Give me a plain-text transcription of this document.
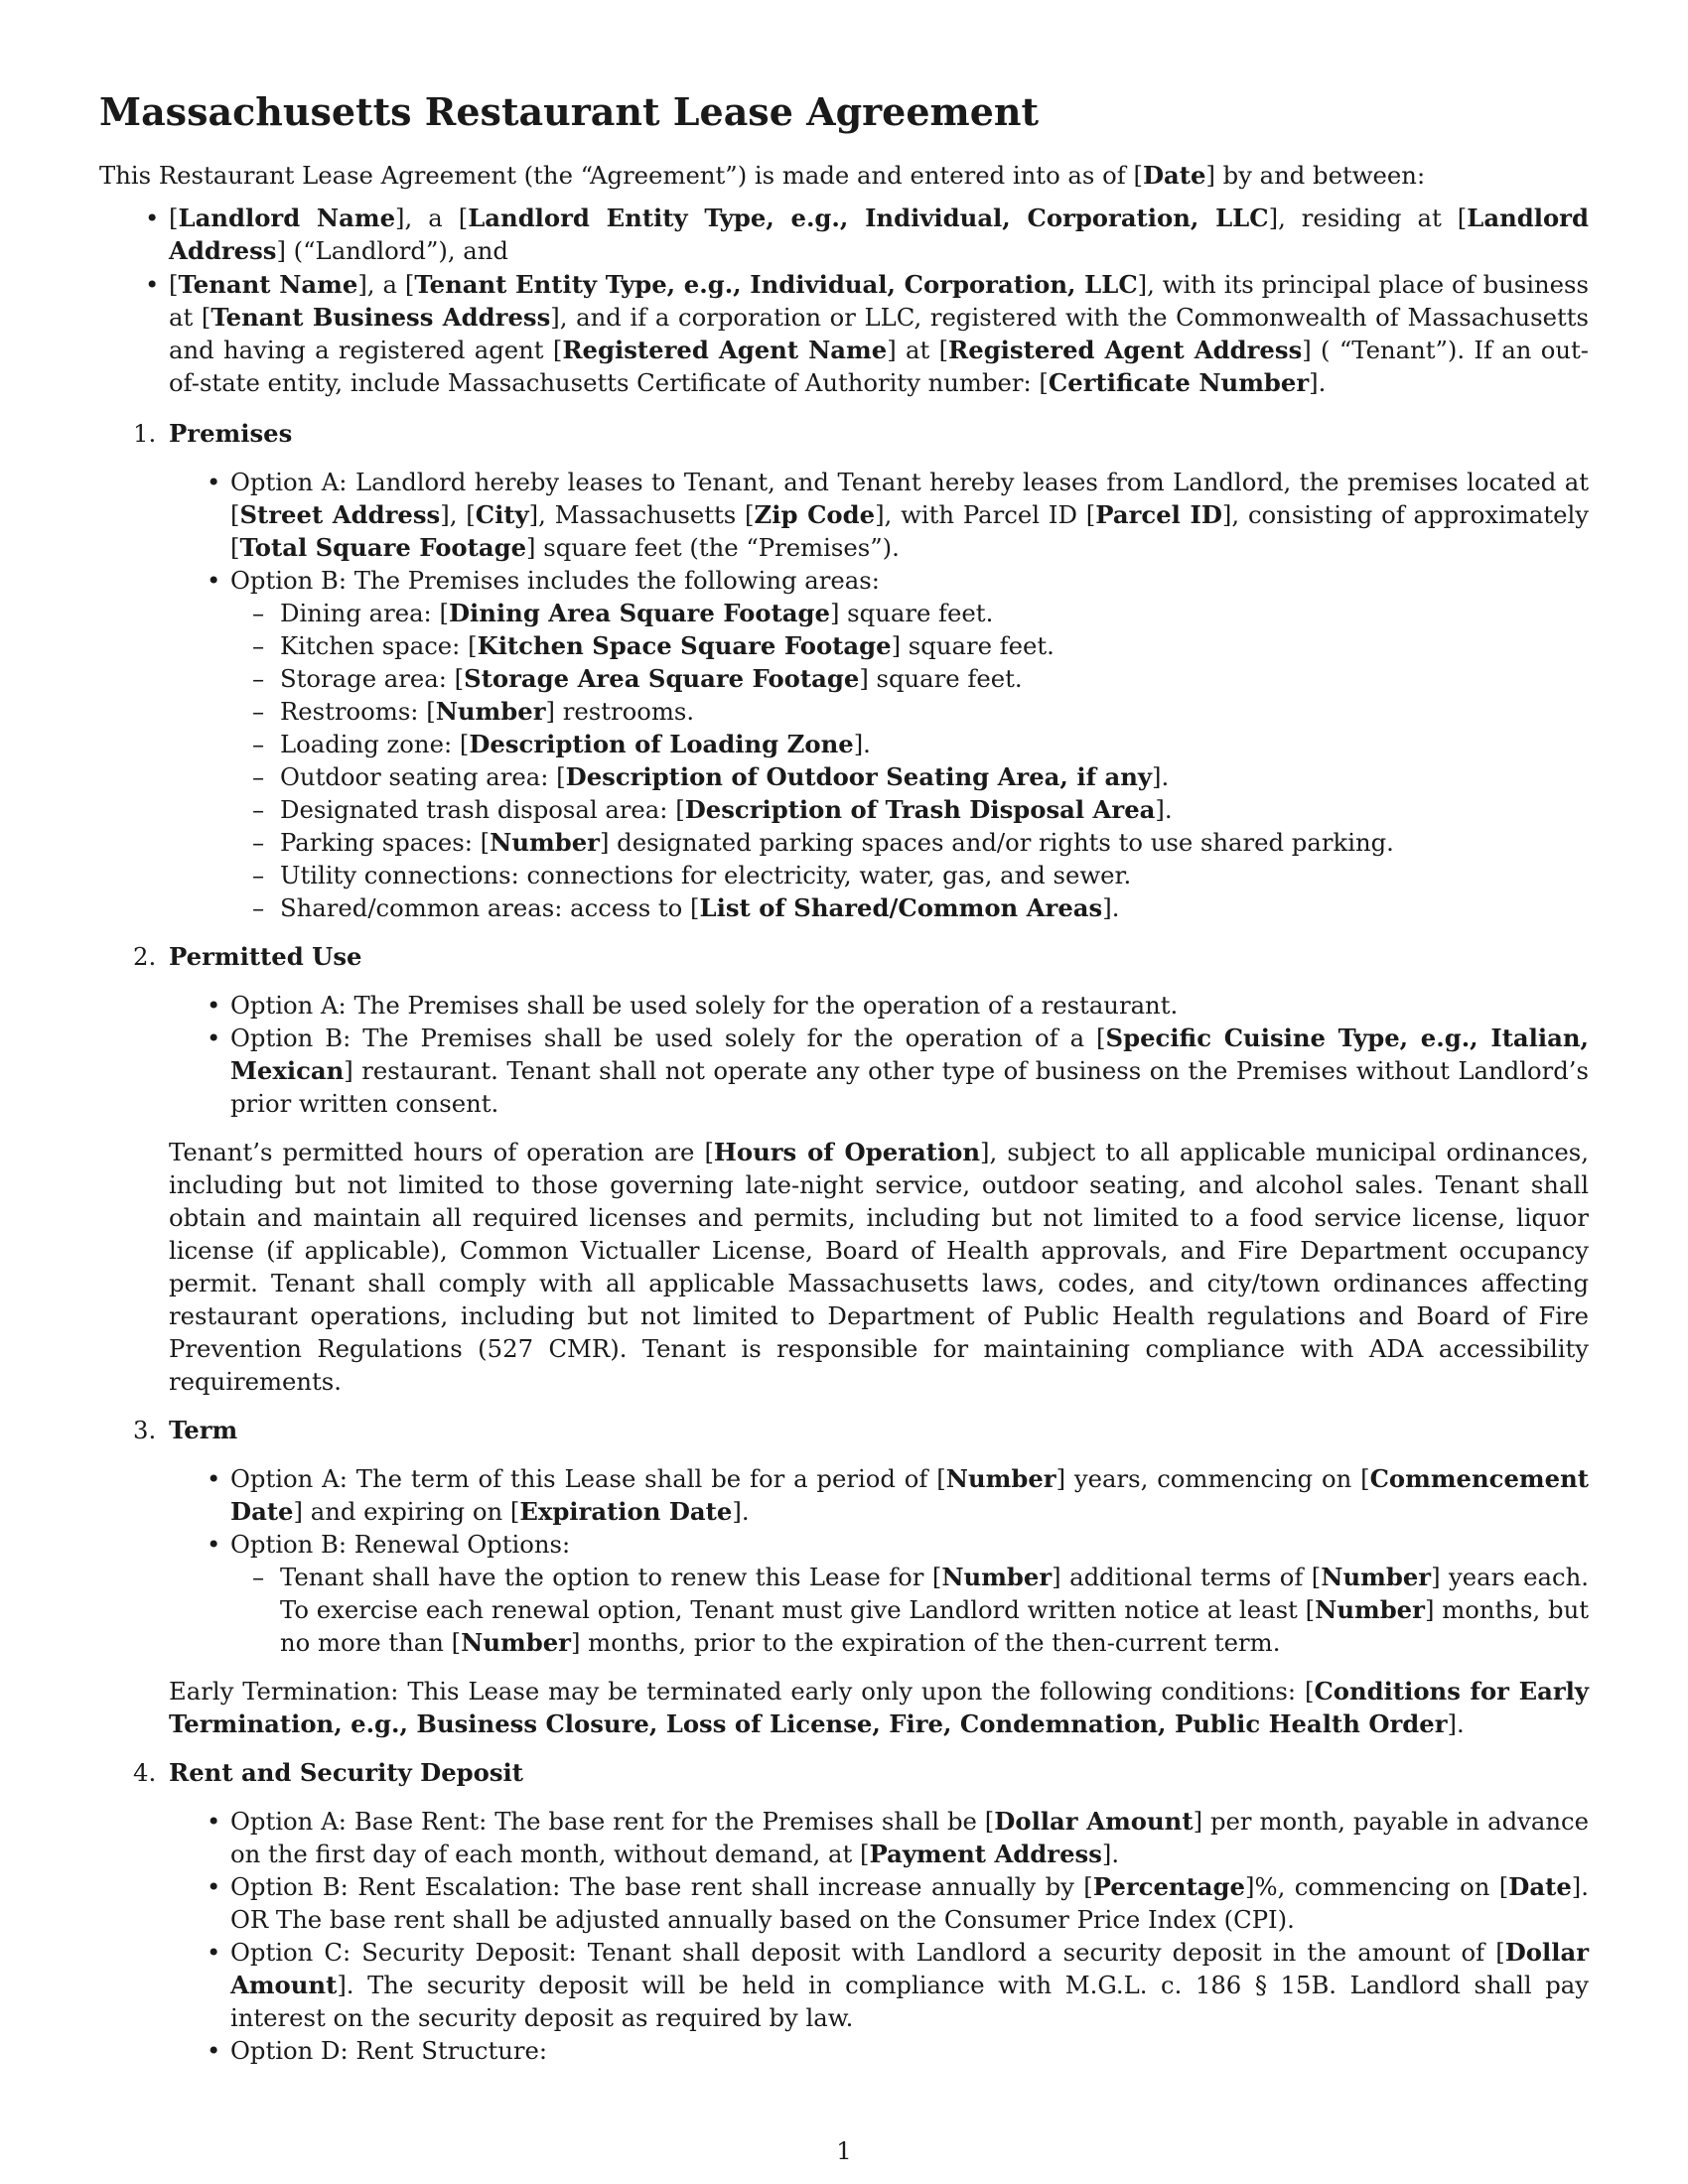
Massachusetts Restaurant Lease Agreement

This Restaurant Lease Agreement (the “Agreement”) is made and entered into as of [Date] by and between:

• [Landlord Name], a [Landlord Entity Type, e.g., Individual, Corporation, LLC], residing at [Landlord Address] (“Landlord”), and
• [Tenant Name], a [Tenant Entity Type, e.g., Individual, Corporation, LLC], with its principal place of business at [Tenant Business Address], and if a corporation or LLC, registered with the Commonwealth of Massachusetts and having a registered agent [Registered Agent Name] at [Registered Agent Address] ( “Tenant”). If an out-of-state entity, include Massachusetts Certificate of Authority number: [Certificate Number].
1. Premises
• Option A: Landlord hereby leases to Tenant, and Tenant hereby leases from Landlord, the premises located at [Street Address], [City], Massachusetts [Zip Code], with Parcel ID [Parcel ID], consisting of approximately [Total Square Footage] square feet (the “Premises”).
• Option B: The Premises includes the following areas:
– Dining area: [Dining Area Square Footage] square feet.
– Kitchen space: [Kitchen Space Square Footage] square feet.
– Storage area: [Storage Area Square Footage] square feet.
– Restrooms: [Number] restrooms.
– Loading zone: [Description of Loading Zone].
– Outdoor seating area: [Description of Outdoor Seating Area, if any].
– Designated trash disposal area: [Description of Trash Disposal Area].
– Parking spaces: [Number] designated parking spaces and/or rights to use shared parking.
– Utility connections: connections for electricity, water, gas, and sewer.
– Shared/common areas: access to [List of Shared/Common Areas].
2. Permitted Use
• Option A: The Premises shall be used solely for the operation of a restaurant.
• Option B: The Premises shall be used solely for the operation of a [Specific Cuisine Type, e.g., Italian, Mexican] restaurant. Tenant shall not operate any other type of business on the Premises without Landlord’s prior written consent.

Tenant’s permitted hours of operation are [Hours of Operation], subject to all applicable municipal ordinances, including but not limited to those governing late-night service, outdoor seating, and alcohol sales. Tenant shall obtain and maintain all required licenses and permits, including but not limited to a food service license, liquor license (if applicable), Common Victualler License, Board of Health approvals, and Fire Department occupancy permit. Tenant shall comply with all applicable Massachusetts laws, codes, and city/town ordinances affecting restaurant operations, including but not limited to Department of Public Health regulations and Board of Fire Prevention Regulations (527 CMR). Tenant is responsible for maintaining compliance with ADA accessibility requirements.

3. Term
• Option A: The term of this Lease shall be for a period of [Number] years, commencing on [Commencement Date] and expiring on [Expiration Date].
• Option B: Renewal Options:
– Tenant shall have the option to renew this Lease for [Number] additional terms of [Number] years each. To exercise each renewal option, Tenant must give Landlord written notice at least [Number] months, but no more than [Number] months, prior to the expiration of the then-current term.

Early Termination: This Lease may be terminated early only upon the following conditions: [Conditions for Early Termination, e.g., Business Closure, Loss of License, Fire, Condemnation, Public Health Order].

4. Rent and Security Deposit
• Option A: Base Rent: The base rent for the Premises shall be [Dollar Amount] per month, payable in advance on the first day of each month, without demand, at [Payment Address].
• Option B: Rent Escalation: The base rent shall increase annually by [Percentage]%, commencing on [Date]. OR The base rent shall be adjusted annually based on the Consumer Price Index (CPI).
• Option C: Security Deposit: Tenant shall deposit with Landlord a security deposit in the amount of [Dollar Amount]. The security deposit will be held in compliance with M.G.L. c. 186 § 15B. Landlord shall pay interest on the security deposit as required by law.
• Option D: Rent Structure:
1
